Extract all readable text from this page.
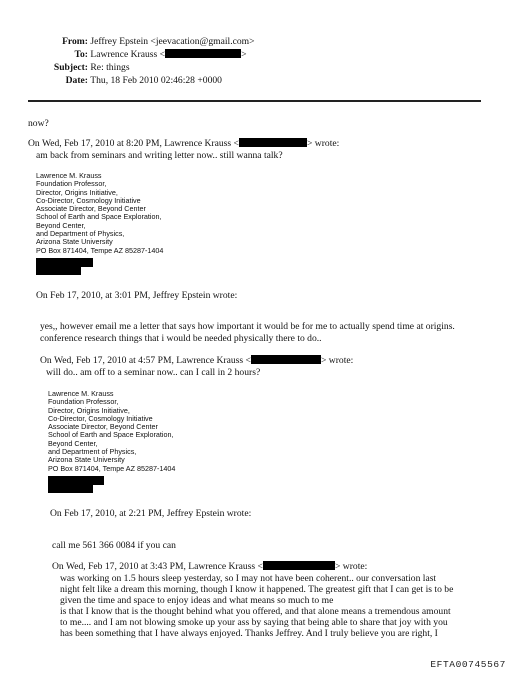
From: Jeffrey Epstein <jeevacation@gmail.com>
To: Lawrence Krauss <	>
Subject: Re: things
Date: Thu, 18 Feb 2010 02:46:28 +0000
now?
On Wed, Feb 17, 2010 at 8:20 PM, Lawrence Krauss <	> wrote:
am back from seminars and writing letter now.. still wanna talk?
Lawrence M. Krauss
Foundation Professor,
Director, Origins Initiative,
Co-Director, Cosmology Initiative
Associate Director, Beyond Center
School of Earth and Space Exploration,
Beyond Center,
and Department of Physics,
Arizona State University
PO Box 871404, Tempe AZ 85287-1404
On Feb 17, 2010, at 3:01 PM, Jeffrey Epstein wrote:
yes,, however email me a letter that says how important it would be for me to actually spend time at origins.
conference research things that i would be needed physically there to do..
On Wed, Feb 17, 2010 at 4:57 PM, Lawrence Krauss <	> wrote:
will do.. am off to a seminar now.. can I call in 2 hours?
Lawrence M. Krauss
Foundation Professor,
Director, Origins Initiative,
Co-Director, Cosmology Initiative
Associate Director, Beyond Center
School of Earth and Space Exploration,
Beyond Center,
and Department of Physics,
Arizona State University
PO Box 871404, Tempe AZ 85287-1404
On Feb 17, 2010, at 2:21 PM, Jeffrey Epstein wrote:
call me 561 366 0084 if you can
On Wed, Feb 17, 2010 at 3:43 PM, Lawrence Krauss <	> wrote:
was working on 1.5 hours sleep yesterday, so I may not have been coherent.. our conversation last
night felt like a dream this morning, though I know it happened. The greatest gift that I can get is to be
given the time and space to enjoy ideas and what means so much to me
is that I know that is the thought behind what you offered, and that alone means a tremendous amount
to me.... and I am not blowing smoke up your ass by saying that being able to share that joy with you
has been something that I have always enjoyed. Thanks Jeffrey. And I truly believe you are right, I
EFTA00745567
